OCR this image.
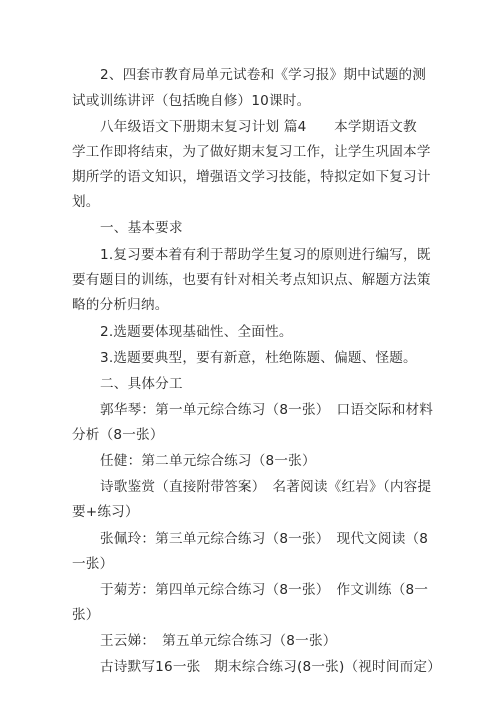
2、四套市教育局单元试卷和《学习报》期中试题的测
试或训练讲评（包括晚自修）10课时。
八年级语文下册期末复习计划 篇4　　本学期语文教
学工作即将结束，为了做好期末复习工作，让学生巩固本学
期所学的语文知识，增强语文学习技能，特拟定如下复习计
划。
一、基本要求
1.复习要本着有利于帮助学生复习的原则进行编写，既
要有题目的训练，也要有针对相关考点知识点、解题方法策
略的分析归纳。
2.选题要体现基础性、全面性。
3.选题要典型，要有新意，杜绝陈题、偏题、怪题。
二、具体分工
郭华琴：第一单元综合练习（8一张）　口语交际和材料
分析（8一张）
任健：第二单元综合练习（8一张）
诗歌鉴赏（直接附带答案）　名著阅读《红岩》（内容提
要+练习）
张佩玲：第三单元综合练习（8一张）　现代文阅读（8
一张）
于菊芳：第四单元综合练习（8一张）　作文训练（8一
张）
王云娣：　第五单元综合练习（8一张）
古诗默写16一张　期末综合练习(8一张)（视时间而定）
